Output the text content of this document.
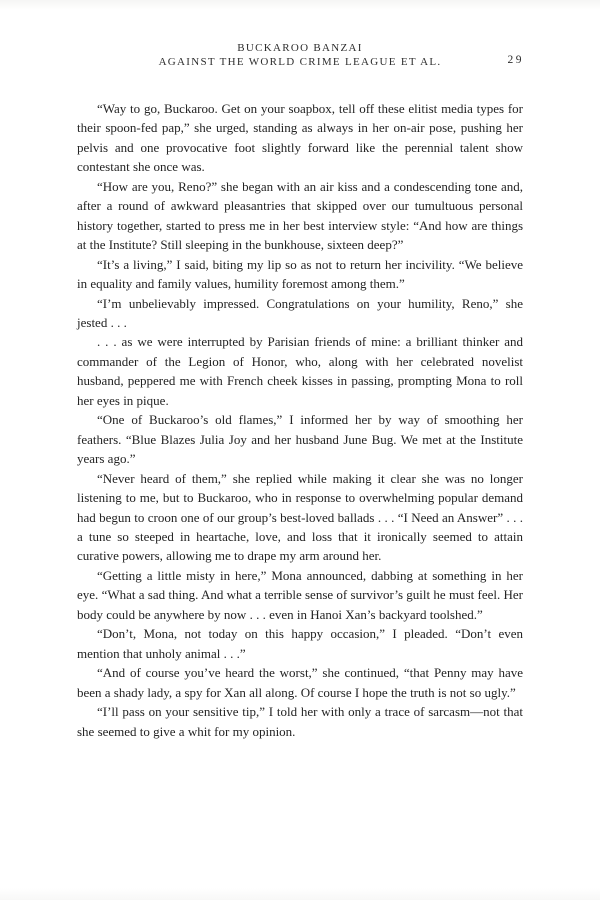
BUCKAROO BANZAI
AGAINST THE WORLD CRIME LEAGUE ET AL.	29

“Way to go, Buckaroo. Get on your soapbox, tell off these elitist media types for their spoon-fed pap,” she urged, standing as always in her on-air pose, pushing her pelvis and one provocative foot slightly forward like the perennial talent show contestant she once was.

“How are you, Reno?” she began with an air kiss and a condescending tone and, after a round of awkward pleasantries that skipped over our tumultuous personal history together, started to press me in her best interview style: “And how are things at the Institute? Still sleeping in the bunkhouse, sixteen deep?”

“It’s a living,” I said, biting my lip so as not to return her incivility. “We believe in equality and family values, humility foremost among them.”

“I’m unbelievably impressed. Congratulations on your humility, Reno,” she jested . . .

. . . as we were interrupted by Parisian friends of mine: a brilliant thinker and commander of the Legion of Honor, who, along with her celebrated novelist husband, peppered me with French cheek kisses in passing, prompting Mona to roll her eyes in pique.

“One of Buckaroo’s old flames,” I informed her by way of smoothing her feathers. “Blue Blazes Julia Joy and her husband June Bug. We met at the Institute years ago.”

“Never heard of them,” she replied while making it clear she was no longer listening to me, but to Buckaroo, who in response to overwhelming popular demand had begun to croon one of our group’s best-loved ballads . . . “I Need an Answer” . . . a tune so steeped in heartache, love, and loss that it ironically seemed to attain curative powers, allowing me to drape my arm around her.

“Getting a little misty in here,” Mona announced, dabbing at something in her eye. “What a sad thing. And what a terrible sense of survivor’s guilt he must feel. Her body could be anywhere by now . . . even in Hanoi Xan’s backyard toolshed.”

“Don’t, Mona, not today on this happy occasion,” I pleaded. “Don’t even mention that unholy animal . . .”

“And of course you’ve heard the worst,” she continued, “that Penny may have been a shady lady, a spy for Xan all along. Of course I hope the truth is not so ugly.”

“I’ll pass on your sensitive tip,” I told her with only a trace of sarcasm—not that she seemed to give a whit for my opinion.
